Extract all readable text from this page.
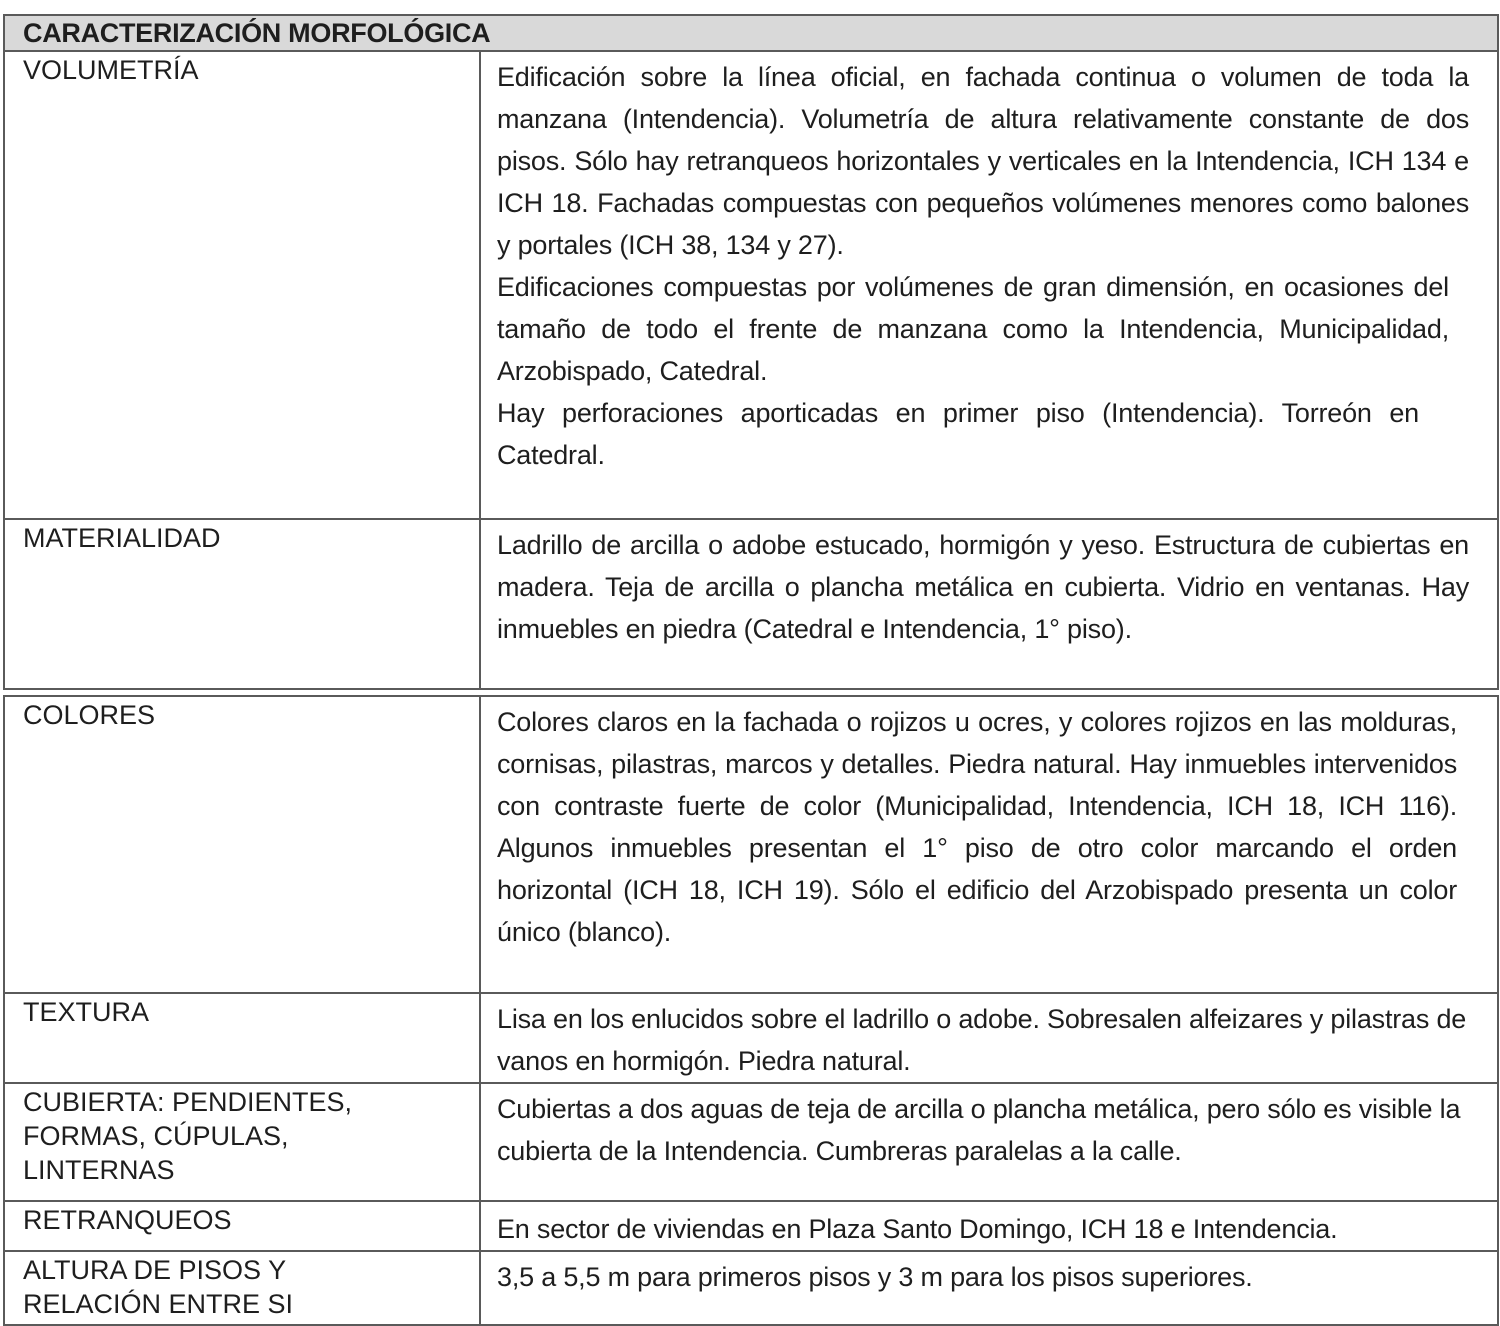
CARACTERIZACIÓN MORFOLÓGICA	

VOLUMETRÍA	Edificación sobre la línea oficial, en fachada continua o volumen de toda la manzana (Intendencia). Volumetría de altura relativamente constante de dos pisos. Sólo hay retranqueos horizontales y verticales en la Intendencia, ICH 134 e ICH 18. Fachadas compuestas con pequeños volúmenes menores como balones y portales (ICH 38, 134 y 27).

Edificaciones compuestas por volúmenes de gran dimensión, en ocasiones del tamaño de todo el frente de manzana como la Intendencia, Municipalidad, Arzobispado, Catedral.

Hay perforaciones aporticadas en primer piso (Intendencia). Torreón en Catedral.

MATERIALIDAD	Ladrillo de arcilla o adobe estucado, hormigón y yeso. Estructura de cubiertas en madera. Teja de arcilla o plancha metálica en cubierta. Vidrio en ventanas. Hay inmuebles en piedra (Catedral e Intendencia, 1° piso).

COLORES	Colores claros en la fachada o rojizos u ocres, y colores rojizos en las molduras, cornisas, pilastras, marcos y detalles. Piedra natural. Hay inmuebles intervenidos con contraste fuerte de color (Municipalidad, Intendencia, ICH 18, ICH 116). Algunos inmuebles presentan el 1° piso de otro color marcando el orden horizontal (ICH 18, ICH 19). Sólo el edificio del Arzobispado presenta un color único (blanco).

TEXTURA	Lisa en los enlucidos sobre el ladrillo o adobe. Sobresalen alfeizares y pilastras de vanos en hormigón. Piedra natural.

CUBIERTA: PENDIENTES, FORMAS, CÚPULAS, LINTERNAS	Cubiertas a dos aguas de teja de arcilla o plancha metálica, pero sólo es visible la cubierta de la Intendencia. Cumbreras paralelas a la calle.

RETRANQUEOS	En sector de viviendas en Plaza Santo Domingo, ICH 18 e Intendencia.

ALTURA DE PISOS Y RELACIÓN ENTRE SI	3,5 a 5,5 m para primeros pisos y 3 m para los pisos superiores.
